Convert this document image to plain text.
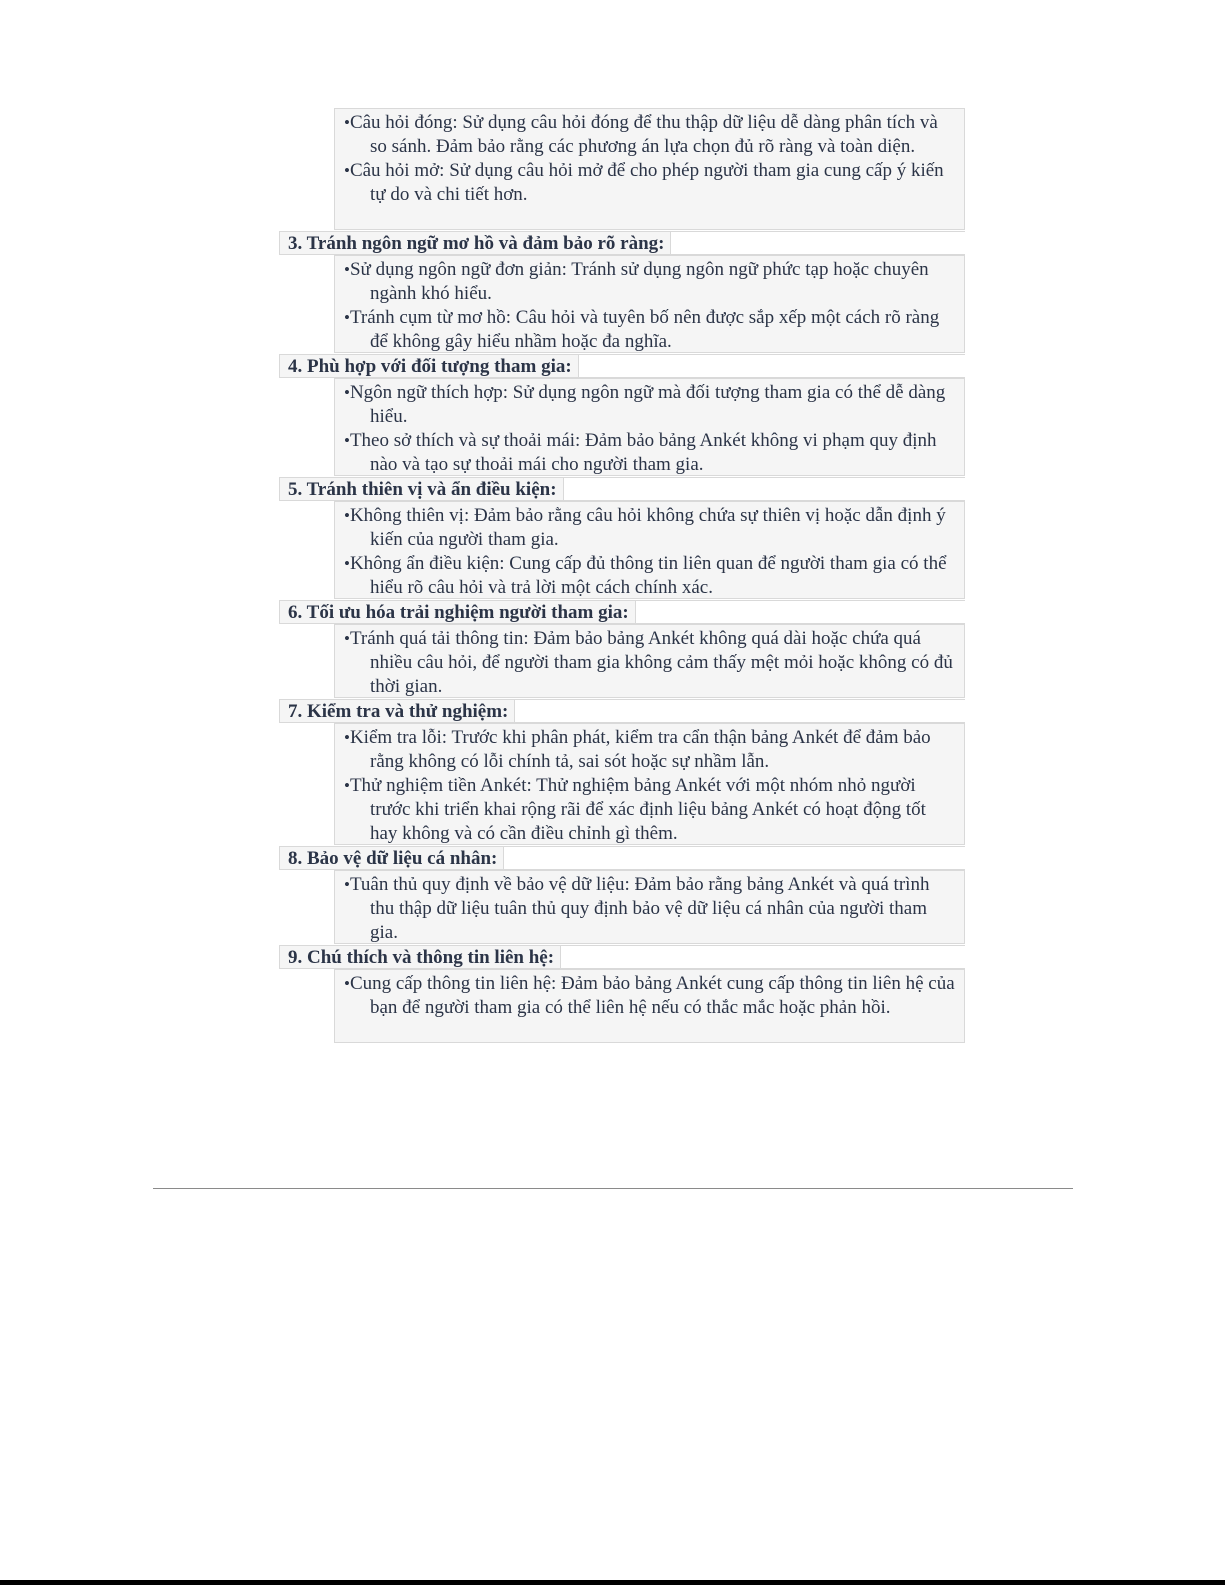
•Câu hỏi đóng: Sử dụng câu hỏi đóng để thu thập dữ liệu dễ dàng phân tích và so sánh. Đảm bảo rằng các phương án lựa chọn đủ rõ ràng và toàn diện.

•Câu hỏi mở: Sử dụng câu hỏi mở để cho phép người tham gia cung cấp ý kiến tự do và chi tiết hơn.

3. Tránh ngôn ngữ mơ hồ và đảm bảo rõ ràng:

•Sử dụng ngôn ngữ đơn giản: Tránh sử dụng ngôn ngữ phức tạp hoặc chuyên ngành khó hiểu.

•Tránh cụm từ mơ hồ: Câu hỏi và tuyên bố nên được sắp xếp một cách rõ ràng để không gây hiểu nhầm hoặc đa nghĩa.

4. Phù hợp với đối tượng tham gia:

•Ngôn ngữ thích hợp: Sử dụng ngôn ngữ mà đối tượng tham gia có thể dễ dàng hiểu.

•Theo sở thích và sự thoải mái: Đảm bảo bảng Ankét không vi phạm quy định nào và tạo sự thoải mái cho người tham gia.

5. Tránh thiên vị và ẩn điều kiện:

•Không thiên vị: Đảm bảo rằng câu hỏi không chứa sự thiên vị hoặc dẫn định ý kiến của người tham gia.

•Không ẩn điều kiện: Cung cấp đủ thông tin liên quan để người tham gia có thể hiểu rõ câu hỏi và trả lời một cách chính xác.

6. Tối ưu hóa trải nghiệm người tham gia:

•Tránh quá tải thông tin: Đảm bảo bảng Ankét không quá dài hoặc chứa quá nhiều câu hỏi, để người tham gia không cảm thấy mệt mỏi hoặc không có đủ thời gian.

7. Kiểm tra và thử nghiệm:

•Kiểm tra lỗi: Trước khi phân phát, kiểm tra cẩn thận bảng Ankét để đảm bảo rằng không có lỗi chính tả, sai sót hoặc sự nhầm lẫn.

•Thử nghiệm tiền Ankét: Thử nghiệm bảng Ankét với một nhóm nhỏ người trước khi triển khai rộng rãi để xác định liệu bảng Ankét có hoạt động tốt hay không và có cần điều chỉnh gì thêm.

8. Bảo vệ dữ liệu cá nhân:

•Tuân thủ quy định về bảo vệ dữ liệu: Đảm bảo rằng bảng Ankét và quá trình thu thập dữ liệu tuân thủ quy định bảo vệ dữ liệu cá nhân của người tham gia.

9. Chú thích và thông tin liên hệ:

•Cung cấp thông tin liên hệ: Đảm bảo bảng Ankét cung cấp thông tin liên hệ của bạn để người tham gia có thể liên hệ nếu có thắc mắc hoặc phản hồi.
